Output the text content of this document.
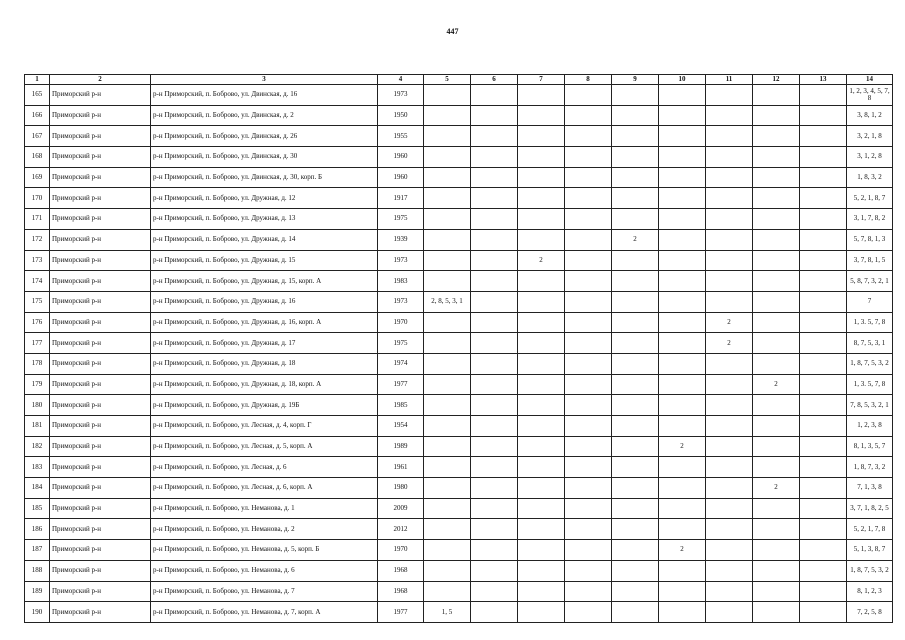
447
1	2	3	4	5	6	7	8	9	10	11	12	13	14
165	Приморский р-н	р-н Приморский, п. Боброво, ул. Двинская, д. 16	1973										1, 2, 3, 4, 5, 7, 8
166	Приморский р-н	р-н Приморский, п. Боброво, ул. Двинская, д. 2	1950										3, 8, 1, 2
167	Приморский р-н	р-н Приморский, п. Боброво, ул. Двинская, д. 26	1955										3, 2, 1, 8
168	Приморский р-н	р-н Приморский, п. Боброво, ул. Двинская, д. 30	1960										3, 1, 2, 8
169	Приморский р-н	р-н Приморский, п. Боброво, ул. Двинская, д. 30, корп. Б	1960										1, 8, 3, 2
170	Приморский р-н	р-н Приморский, п. Боброво, ул. Дружная, д. 12	1917										5, 2, 1, 8, 7
171	Приморский р-н	р-н Приморский, п. Боброво, ул. Дружная, д. 13	1975										3, 1, 7, 8, 2
172	Приморский р-н	р-н Приморский, п. Боброво, ул. Дружная, д. 14	1939					2					5, 7, 8, 1, 3
173	Приморский р-н	р-н Приморский, п. Боброво, ул. Дружная, д. 15	1973			2							3, 7, 8, 1, 5
174	Приморский р-н	р-н Приморский, п. Боброво, ул. Дружная, д. 15, корп. А	1983										5, 8, 7, 3, 2, 1
175	Приморский р-н	р-н Приморский, п. Боброво, ул. Дружная, д. 16	1973	2, 8, 5, 3, 1									7
176	Приморский р-н	р-н Приморский, п. Боброво, ул. Дружная, д. 16, корп. А	1970							2			1, 3. 5, 7, 8
177	Приморский р-н	р-н Приморский, п. Боброво, ул. Дружная, д. 17	1975							2			8, 7, 5, 3, 1
178	Приморский р-н	р-н Приморский, п. Боброво, ул. Дружная, д. 18	1974										1, 8, 7, 5, 3, 2
179	Приморский р-н	р-н Приморский, п. Боброво, ул. Дружная, д. 18, корп. А	1977								2		1, 3. 5, 7, 8
180	Приморский р-н	р-н Приморский, п. Боброво, ул. Дружная, д. 19Б	1985										7, 8, 5, 3, 2, 1
181	Приморский р-н	р-н Приморский, п. Боброво, ул. Лесная, д. 4, корп. Г	1954										1, 2, 3, 8
182	Приморский р-н	р-н Приморский, п. Боброво, ул. Лесная, д. 5, корп. А	1989						2				8, 1, 3, 5, 7
183	Приморский р-н	р-н Приморский, п. Боброво, ул. Лесная, д. 6	1961										1, 8, 7, 3, 2
184	Приморский р-н	р-н Приморский, п. Боброво, ул. Лесная, д. 6, корп. А	1980								2		7, 1, 3, 8
185	Приморский р-н	р-н Приморский, п. Боброво, ул. Неманова, д. 1	2009										3, 7, 1, 8, 2, 5
186	Приморский р-н	р-н Приморский, п. Боброво, ул. Неманова, д. 2	2012										5, 2, 1, 7, 8
187	Приморский р-н	р-н Приморский, п. Боброво, ул. Неманова, д. 5, корп. Б	1970						2				5, 1, 3, 8, 7
188	Приморский р-н	р-н Приморский, п. Боброво, ул. Неманова, д. 6	1968										1, 8, 7, 5, 3, 2
189	Приморский р-н	р-н Приморский, п. Боброво, ул. Неманова, д. 7	1968										8, 1, 2, 3
190	Приморский р-н	р-н Приморский, п. Боброво, ул. Неманова, д. 7, корп. А	1977	1, 5									7, 2, 5, 8
